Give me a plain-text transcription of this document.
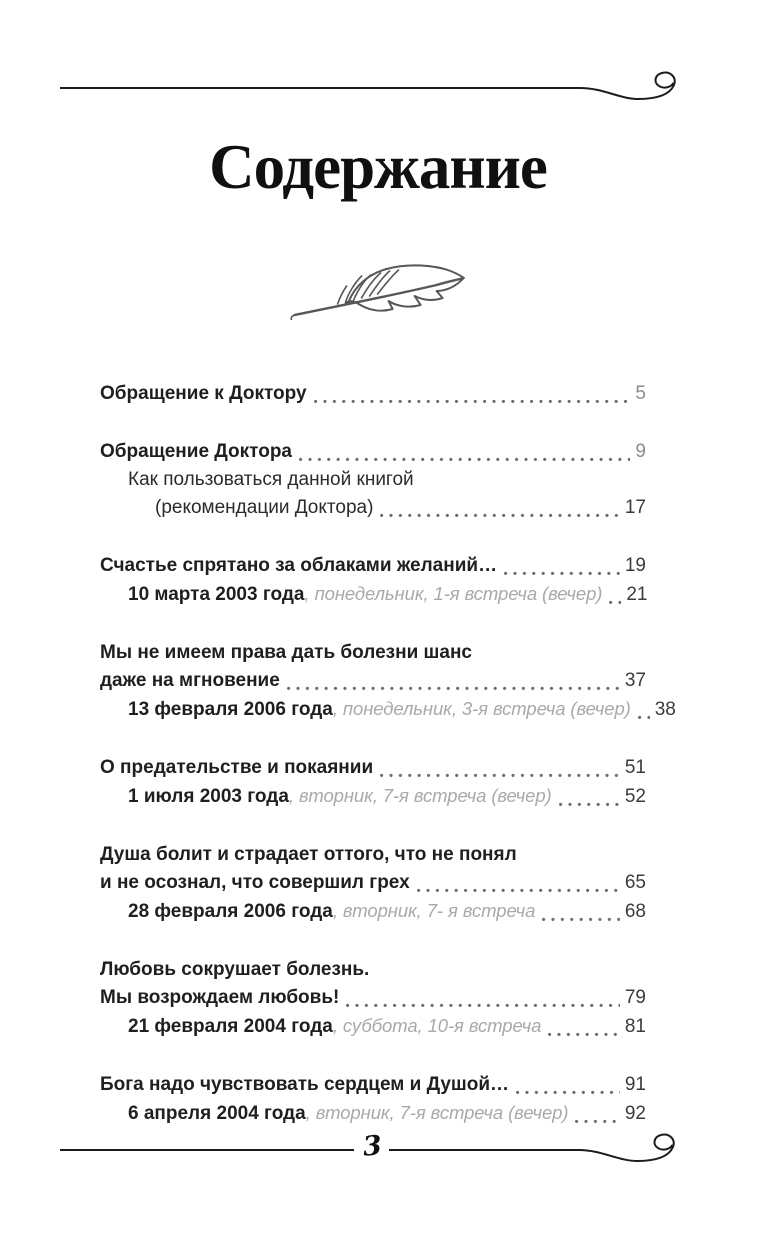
Содержание
Обращение к Доктору	5
Обращение Доктора	9
Как пользоваться данной книгой
(рекомендации Доктора)	17
Счастье спрятано за облаками желаний…	19
10 марта 2003 года , понедельник, 1-я встреча (вечер) 21
Мы не имеем права дать болезни шанс
даже на мгновение	37
13 февраля 2006 года , понедельник, 3-я встреча (вечер) 38
О предательстве и покаянии	51
1 июля 2003 года , вторник, 7-я встреча (вечер)	52
Душа болит и страдает оттого, что не понял
и не осознал, что совершил грех	65
28 февраля 2006 года , вторник, 7- я встреча	68
Любовь сокрушает болезнь.
Мы возрождаем любовь!	79
21 февраля 2004 года , суббота, 10-я встреча	81
Бога надо чувствовать сердцем и Душой…	91
6 апреля 2004 года , вторник, 7-я встреча (вечер)	92
3
